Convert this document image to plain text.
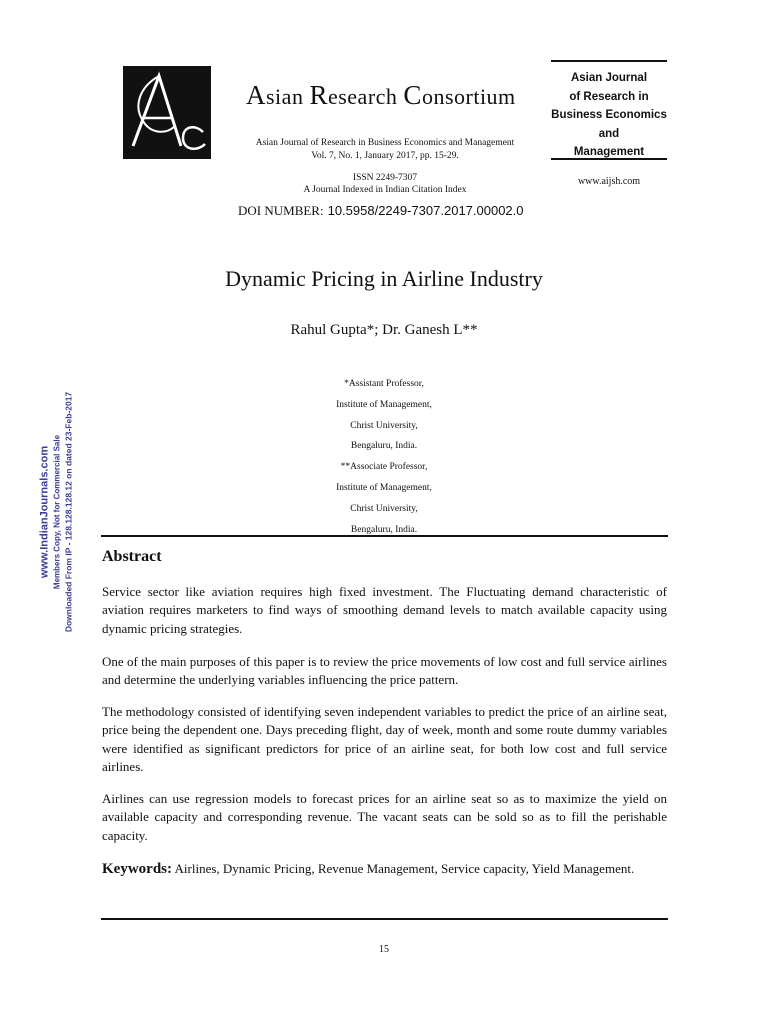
Asian Research Consortium
Asian Journal of Research in Business Economics and Management
Vol. 7, No. 1, January 2017, pp. 15-29.
ISSN 2249-7307
A Journal Indexed in Indian Citation Index
DOI NUMBER: 10.5958/2249-7307.2017.00002.0
Asian Journal
of Research in
Business Economics
and
Management
www.aijsh.com
www.IndianJournals.com Members Copy, Not for Commercial Sale Downloaded From IP - 128.128.128.12 on dated 23-Feb-2017
Dynamic Pricing in Airline Industry
Rahul Gupta*; Dr. Ganesh L**
*Assistant Professor,
Institute of Management,
Christ University,
Bengaluru, India.
**Associate Professor,
Institute of Management,
Christ University,
Bengaluru, India.
Abstract
Service sector like aviation requires high fixed investment. The Fluctuating demand characteristic of aviation requires marketers to find ways of smoothing demand levels to match available capacity using dynamic pricing strategies.
One of the main purposes of this paper is to review the price movements of low cost and full service airlines and determine the underlying variables influencing the price pattern.
The methodology consisted of identifying seven independent variables to predict the price of an airline seat, price being the dependent one. Days preceding flight, day of week, month and some route dummy variables were identified as significant predictors for price of an airline seat, for both low cost and full service airlines.
Airlines can use regression models to forecast prices for an airline seat so as to maximize the yield on available capacity and corresponding revenue. The vacant seats can be sold so as to fill the perishable capacity.
Keywords: Airlines, Dynamic Pricing, Revenue Management, Service capacity, Yield Management.
15
